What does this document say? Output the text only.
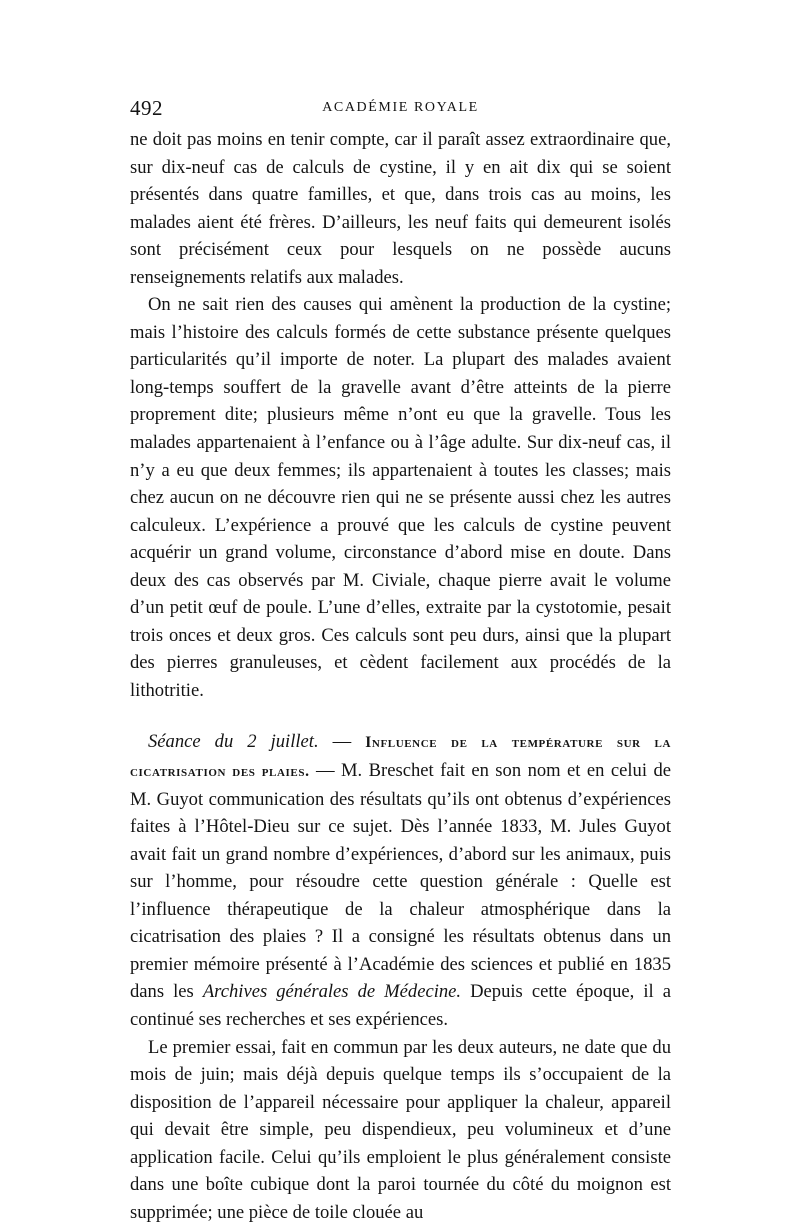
492	ACADÉMIE ROYALE

ne doit pas moins en tenir compte, car il paraît assez extraordinaire que, sur dix-neuf cas de calculs de cystine, il y en ait dix qui se soient présentés dans quatre familles, et que, dans trois cas au moins, les malades aient été frères. D’ailleurs, les neuf faits qui demeurent isolés sont précisément ceux pour lesquels on ne possède aucuns renseignements relatifs aux malades.

On ne sait rien des causes qui amènent la production de la cystine; mais l’histoire des calculs formés de cette substance présente quelques particularités qu’il importe de noter. La plupart des malades avaient long-temps souffert de la gravelle avant d’être atteints de la pierre proprement dite; plusieurs même n’ont eu que la gravelle. Tous les malades appartenaient à l’enfance ou à l’âge adulte. Sur dix-neuf cas, il n’y a eu que deux femmes; ils appartenaient à toutes les classes; mais chez aucun on ne découvre rien qui ne se présente aussi chez les autres calculeux. L’expérience a prouvé que les calculs de cystine peuvent acquérir un grand volume, circonstance d’abord mise en doute. Dans deux des cas observés par M. Civiale, chaque pierre avait le volume d’un petit œuf de poule. L’une d’elles, extraite par la cystotomie, pesait trois onces et deux gros. Ces calculs sont peu durs, ainsi que la plupart des pierres granuleuses, et cèdent facilement aux procédés de la lithotritie.

Séance du 2 juillet. — Influence de la température sur la cicatrisation des plaies. — M. Breschet fait en son nom et en celui de M. Guyot communication des résultats qu’ils ont obtenus d’expériences faites à l’Hôtel-Dieu sur ce sujet. Dès l’année 1833, M. Jules Guyot avait fait un grand nombre d’expériences, d’abord sur les animaux, puis sur l’homme, pour résoudre cette question générale : Quelle est l’influence thérapeutique de la chaleur atmosphérique dans la cicatrisation des plaies ? Il a consigné les résultats obtenus dans un premier mémoire présenté à l’Académie des sciences et publié en 1835 dans les Archives générales de Médecine. Depuis cette époque, il a continué ses recherches et ses expériences.

Le premier essai, fait en commun par les deux auteurs, ne date que du mois de juin; mais déjà depuis quelque temps ils s’occupaient de la disposition de l’appareil nécessaire pour appliquer la chaleur, appareil qui devait être simple, peu dispendieux, peu volumineux et d’une application facile. Celui qu’ils emploient le plus généralement consiste dans une boîte cubique dont la paroi tournée du côté du moignon est supprimée; une pièce de toile clouée au
